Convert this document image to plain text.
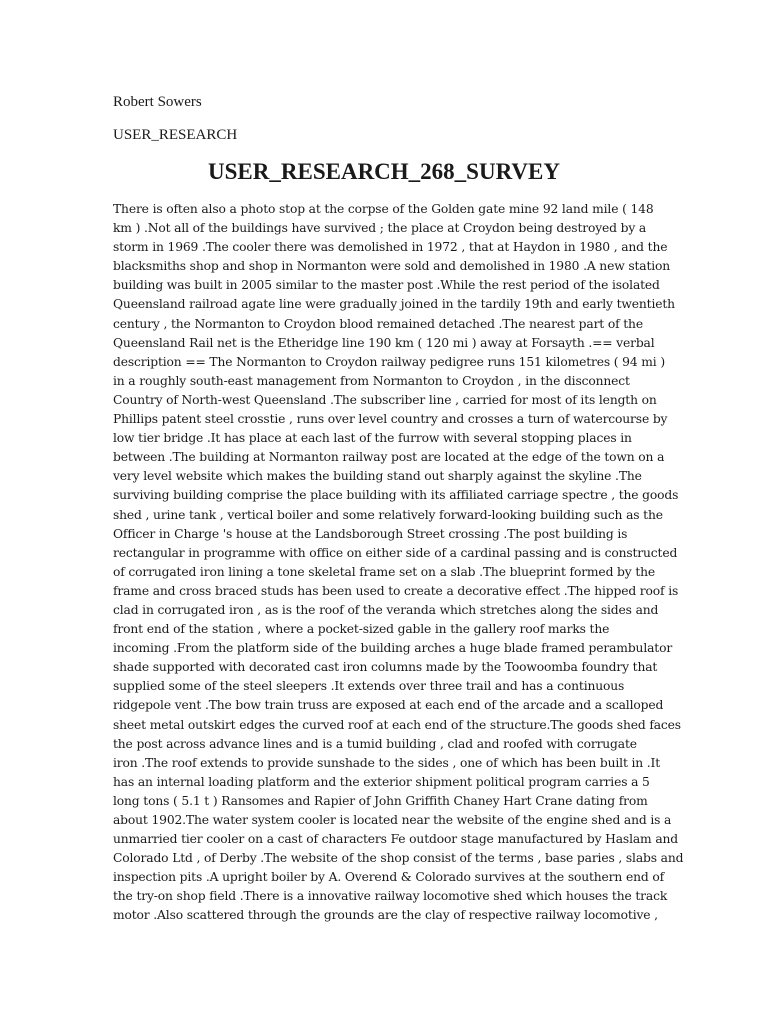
Robert Sowers
USER_RESEARCH
USER_RESEARCH_268_SURVEY
There is often also a photo stop at the corpse of the Golden gate mine 92 land mile ( 148
km ) .Not all of the buildings have survived ; the place at Croydon being destroyed by a
storm in 1969 .The cooler there was demolished in 1972 , that at Haydon in 1980 , and the
blacksmiths shop and shop in Normanton were sold and demolished in 1980 .A new station
building was built in 2005 similar to the master post .While the rest period of the isolated
Queensland railroad agate line were gradually joined in the tardily 19th and early twentieth
century , the Normanton to Croydon blood remained detached .The nearest part of the
Queensland Rail net is the Etheridge line 190 km ( 120 mi ) away at Forsayth .== verbal
description == The Normanton to Croydon railway pedigree runs 151 kilometres ( 94 mi )
in a roughly south-east management from Normanton to Croydon , in the disconnect
Country of North-west Queensland .The subscriber line , carried for most of its length on
Phillips patent steel crosstie , runs over level country and crosses a turn of watercourse by
low tier bridge .It has place at each last of the furrow with several stopping places in
between .The building at Normanton railway post are located at the edge of the town on a
very level website which makes the building stand out sharply against the skyline .The
surviving building comprise the place building with its affiliated carriage spectre , the goods
shed , urine tank , vertical boiler and some relatively forward-looking building such as the
Officer in Charge 's house at the Landsborough Street crossing .The post building is
rectangular in programme with office on either side of a cardinal passing and is constructed
of corrugated iron lining a tone skeletal frame set on a slab .The blueprint formed by the
frame and cross braced studs has been used to create a decorative effect .The hipped roof is
clad in corrugated iron , as is the roof of the veranda which stretches along the sides and
front end of the station , where a pocket-sized gable in the gallery roof marks the
incoming .From the platform side of the building arches a huge blade framed perambulator
shade supported with decorated cast iron columns made by the Toowoomba foundry that
supplied some of the steel sleepers .It extends over three trail and has a continuous
ridgepole vent .The bow train truss are exposed at each end of the arcade and a scalloped
sheet metal outskirt edges the curved roof at each end of the structure.The goods shed faces
the post across advance lines and is a tumid building , clad and roofed with corrugate
iron .The roof extends to provide sunshade to the sides , one of which has been built in .It
has an internal loading platform and the exterior shipment political program carries a 5
long tons ( 5.1 t ) Ransomes and Rapier of John Griffith Chaney Hart Crane dating from
about 1902.The water system cooler is located near the website of the engine shed and is a
unmarried tier cooler on a cast of characters Fe outdoor stage manufactured by Haslam and
Colorado Ltd , of Derby .The website of the shop consist of the terms , base paries , slabs and
inspection pits .A upright boiler by A. Overend & Colorado survives at the southern end of
the try-on shop field .There is a innovative railway locomotive shed which houses the track
motor .Also scattered through the grounds are the clay of respective railway locomotive ,
